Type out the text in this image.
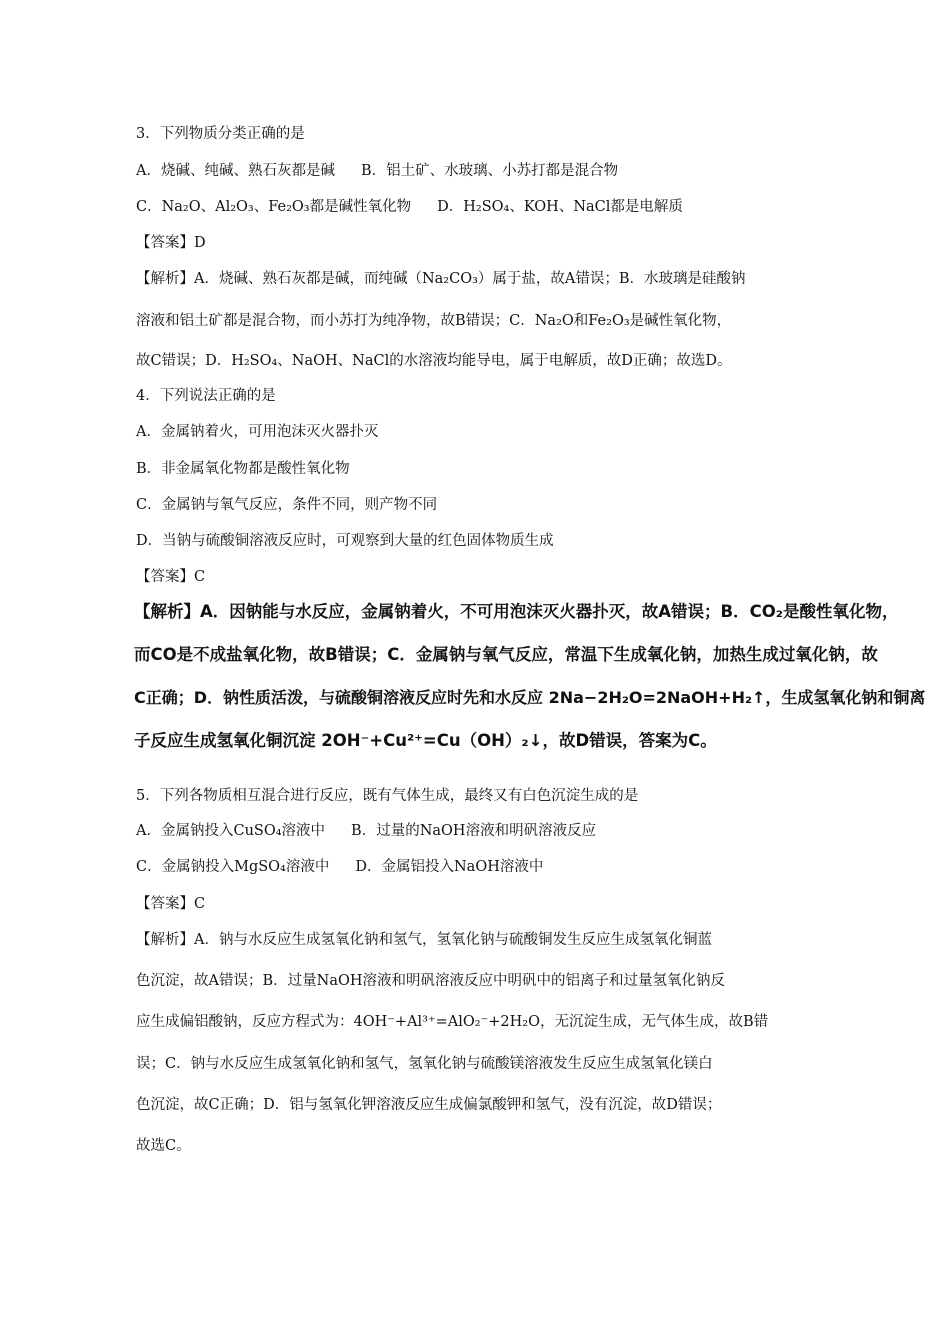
3．下列物质分类正确的是
A．烧碱、纯碱、熟石灰都是碱 B．铝土矿、水玻璃、小苏打都是混合物
C．Na₂O、Al₂O₃、Fe₂O₃都是碱性氧化物 D．H₂SO₄、KOH、NaCl都是电解质
【答案】D
【解析】A．烧碱、熟石灰都是碱，而纯碱（Na₂CO₃）属于盐，故A错误；B．水玻璃是硅酸钠
溶液和铝土矿都是混合物，而小苏打为纯净物，故B错误；C．Na₂O和Fe₂O₃是碱性氧化物，
故C错误；D．H₂SO₄、NaOH、NaCl的水溶液均能导电，属于电解质，故D正确；故选D。
4．下列说法正确的是
A．金属钠着火，可用泡沫灭火器扑灭
B．非金属氧化物都是酸性氧化物
C．金属钠与氧气反应，条件不同，则产物不同
D．当钠与硫酸铜溶液反应时，可观察到大量的红色固体物质生成
【答案】C
【解析】A．因钠能与水反应，金属钠着火，不可用泡沫灭火器扑灭，故A错误；B．CO₂是酸性氧化物，
而CO是不成盐氧化物，故B错误；C．金属钠与氧气反应，常温下生成氧化钠，加热生成过氧化钠，故
C正确；D．钠性质活泼，与硫酸铜溶液反应时先和水反应 2Na−2H₂O=2NaOH+H₂↑，生成氢氧化钠和铜离
子反应生成氢氧化铜沉淀 2OH⁻+Cu²⁺=Cu（OH）₂↓，故D错误，答案为C。
5．下列各物质相互混合进行反应，既有气体生成，最终又有白色沉淀生成的是
A．金属钠投入CuSO₄溶液中 B．过量的NaOH溶液和明矾溶液反应
C．金属钠投入MgSO₄溶液中 D．金属铝投入NaOH溶液中
【答案】C
【解析】A．钠与水反应生成氢氧化钠和氢气，氢氧化钠与硫酸铜发生反应生成氢氧化铜蓝
色沉淀，故A错误；B．过量NaOH溶液和明矾溶液反应中明矾中的铝离子和过量氢氧化钠反
应生成偏铝酸钠，反应方程式为：4OH⁻+Al³⁺=AlO₂⁻+2H₂O，无沉淀生成，无气体生成，故B错
误；C．钠与水反应生成氢氧化钠和氢气，氢氧化钠与硫酸镁溶液发生反应生成氢氧化镁白
色沉淀，故C正确；D．铝与氢氧化钾溶液反应生成偏氯酸钾和氢气，没有沉淀，故D错误；
故选C。
